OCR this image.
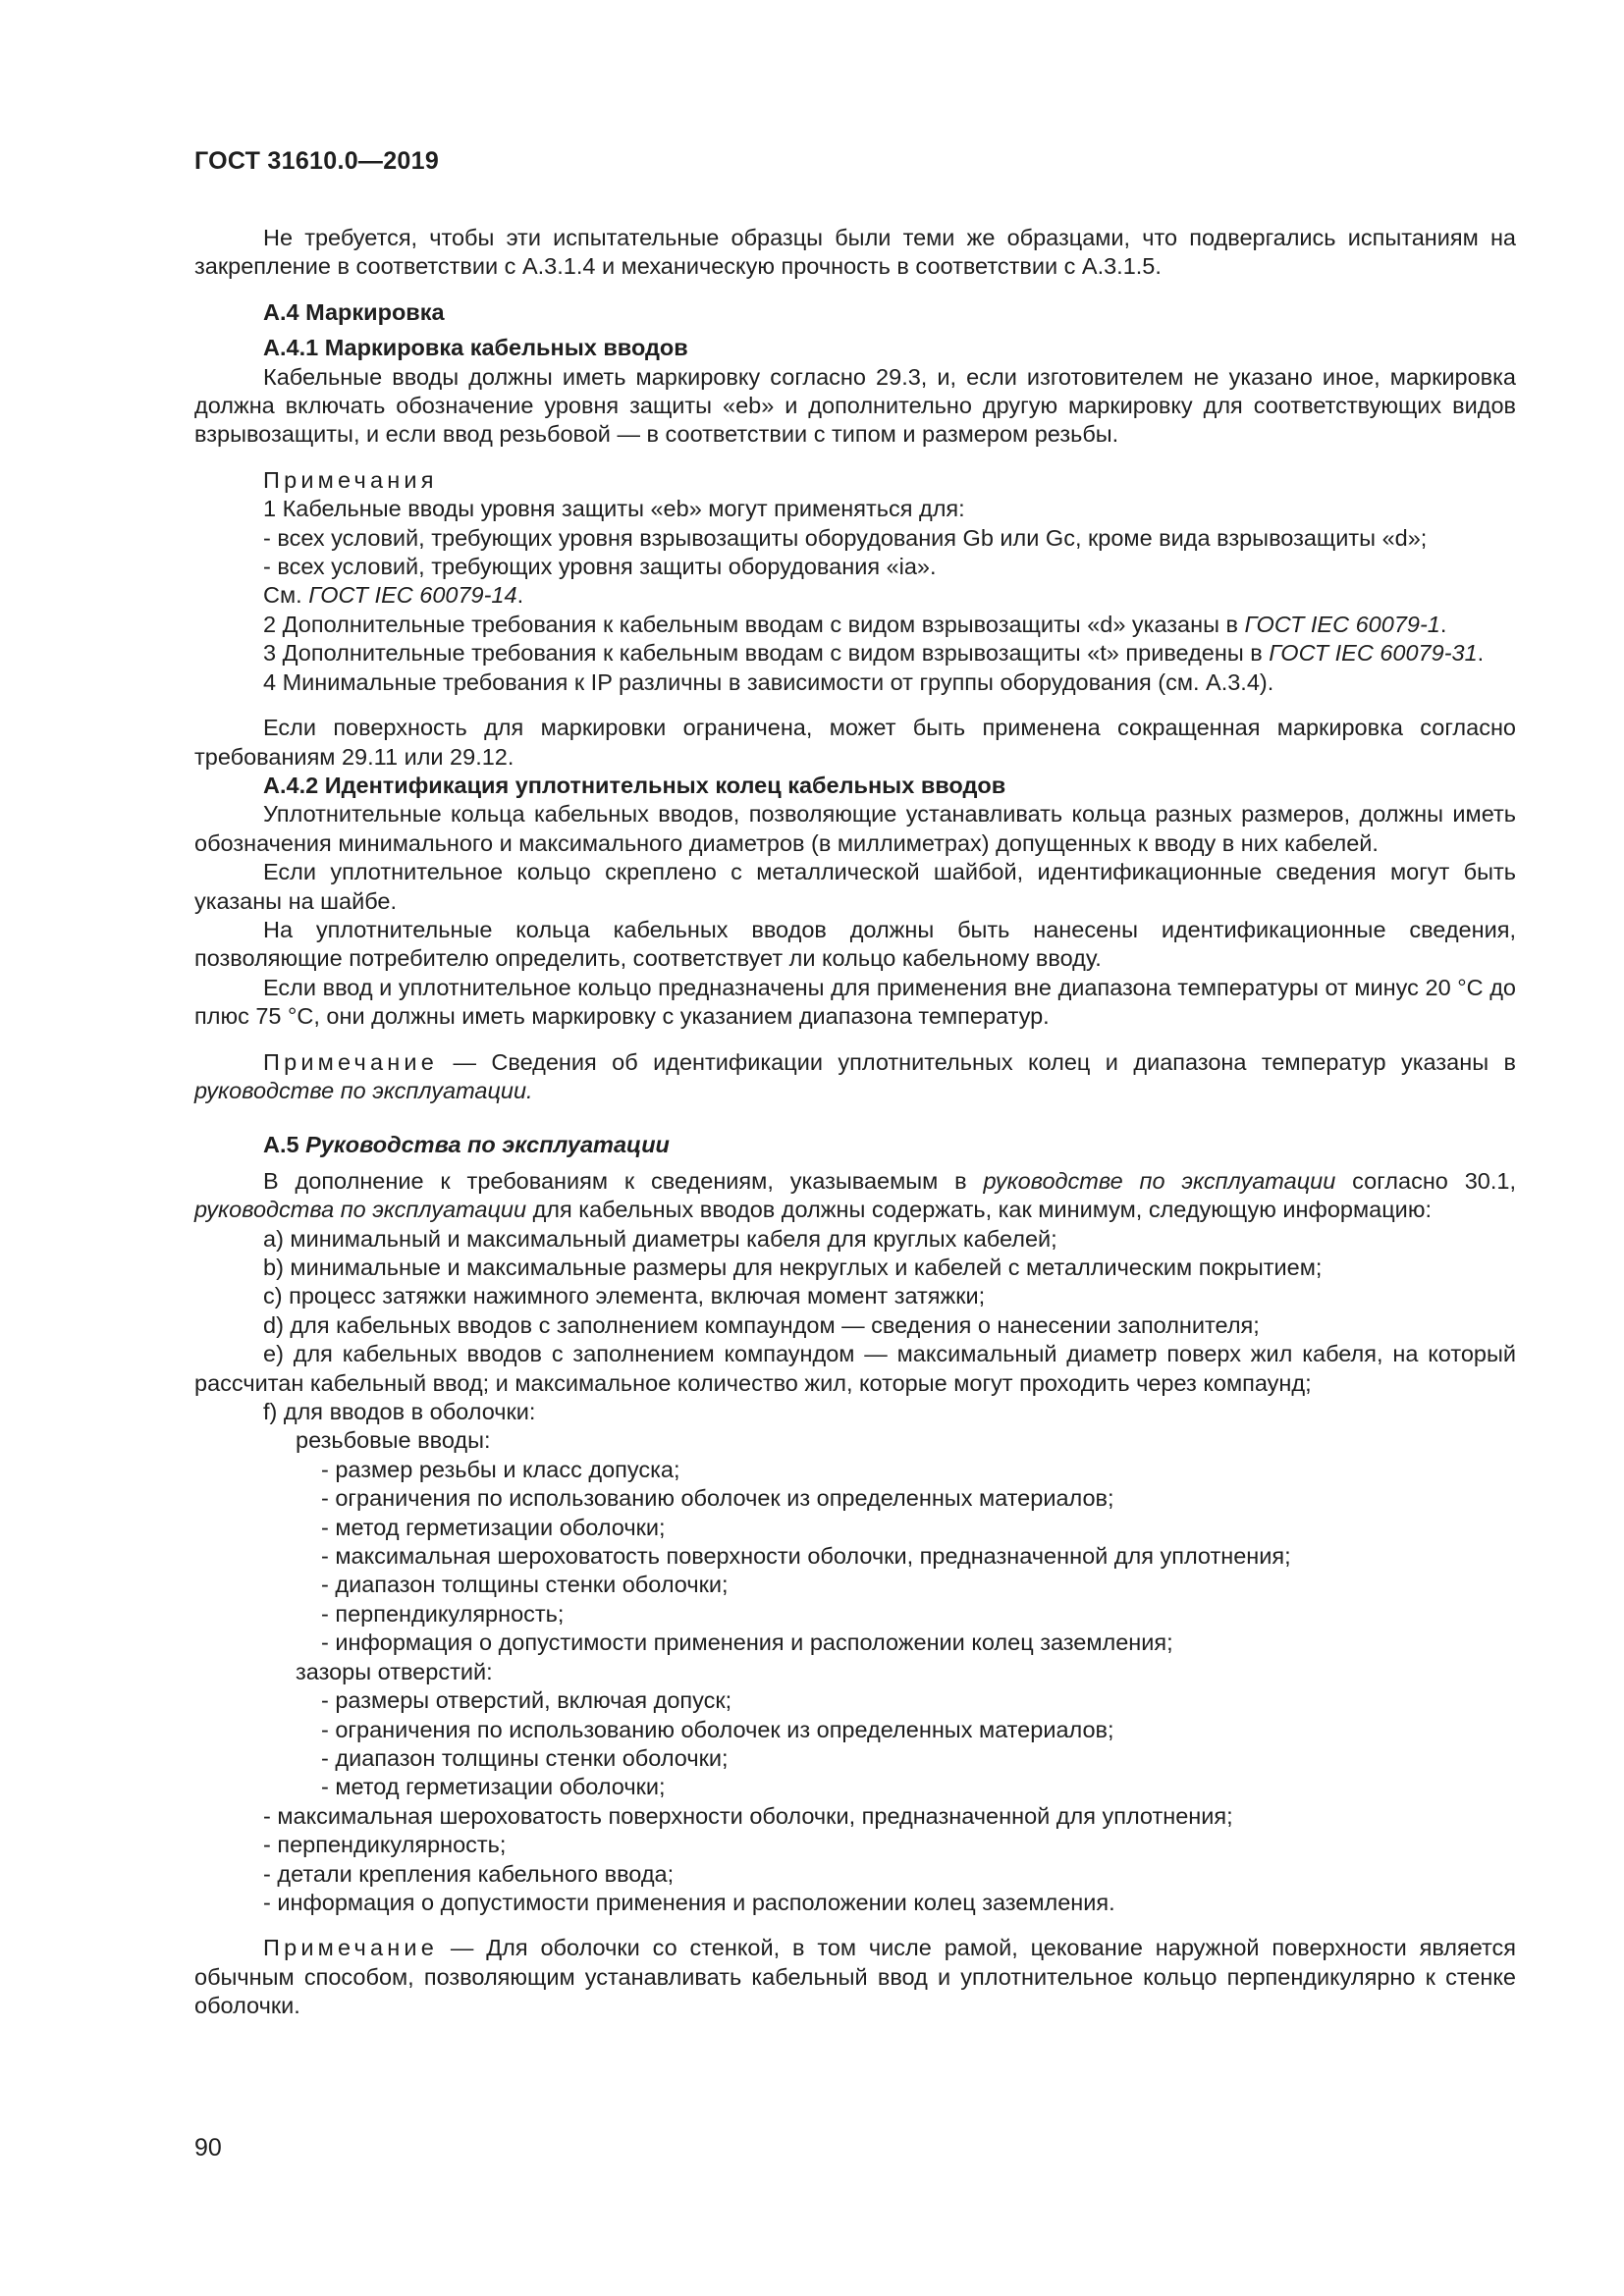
ГОСТ 31610.0—2019

Не требуется, чтобы эти испытательные образцы были теми же образцами, что подвергались испытаниям на закрепление в соответствии с А.3.1.4 и механическую прочность в соответствии с А.3.1.5.

А.4 Маркировка

А.4.1 Маркировка кабельных вводов

Кабельные вводы должны иметь маркировку согласно 29.3, и, если изготовителем не указано иное, маркировка должна включать обозначение уровня защиты «eb» и дополнительно другую маркировку для соответствующих видов взрывозащиты, и если ввод резьбовой — в соответствии с типом и размером резьбы.

Примечания

1 Кабельные вводы уровня защиты «eb» могут применяться для:

- всех условий, требующих уровня взрывозащиты оборудования Gb или Gc, кроме вида взрывозащиты «d»;

- всех условий, требующих уровня защиты оборудования «ia».

См. ГОСТ IEC 60079-14.

2 Дополнительные требования к кабельным вводам с видом взрывозащиты «d» указаны в ГОСТ IEC 60079-1.

3 Дополнительные требования к кабельным вводам с видом взрывозащиты «t» приведены в ГОСТ IEC 60079-31.

4 Минимальные требования к IP различны в зависимости от группы оборудования (см. А.3.4).

Если поверхность для маркировки ограничена, может быть применена сокращенная маркировка согласно требованиям 29.11 или 29.12.

А.4.2 Идентификация уплотнительных колец кабельных вводов

Уплотнительные кольца кабельных вводов, позволяющие устанавливать кольца разных размеров, должны иметь обозначения минимального и максимального диаметров (в миллиметрах) допущенных к вводу в них кабелей.

Если уплотнительное кольцо скреплено с металлической шайбой, идентификационные сведения могут быть указаны на шайбе.

На уплотнительные кольца кабельных вводов должны быть нанесены идентификационные сведения, позволяющие потребителю определить, соответствует ли кольцо кабельному вводу.

Если ввод и уплотнительное кольцо предназначены для применения вне диапазона температуры от минус 20 °С до плюс 75 °С, они должны иметь маркировку с указанием диапазона температур.

Примечание — Сведения об идентификации уплотнительных колец и диапазона температур указаны в руководстве по эксплуатации.

А.5 Руководства по эксплуатации

В дополнение к требованиям к сведениям, указываемым в руководстве по эксплуатации согласно 30.1, руководства по эксплуатации для кабельных вводов должны содержать, как минимум, следующую информацию:

а) минимальный и максимальный диаметры кабеля для круглых кабелей;

b) минимальные и максимальные размеры для некруглых и кабелей с металлическим покрытием;

с) процесс затяжки нажимного элемента, включая момент затяжки;

d) для кабельных вводов с заполнением компаундом — сведения о нанесении заполнителя;

е) для кабельных вводов с заполнением компаундом — максимальный диаметр поверх жил кабеля, на который рассчитан кабельный ввод; и максимальное количество жил, которые могут проходить через компаунд;

f) для вводов в оболочки:

резьбовые вводы:

- размер резьбы и класс допуска;

- ограничения по использованию оболочек из определенных материалов;

- метод герметизации оболочки;

- максимальная шероховатость поверхности оболочки, предназначенной для уплотнения;

- диапазон толщины стенки оболочки;

- перпендикулярность;

- информация о допустимости применения и расположении колец заземления;

зазоры отверстий:

- размеры отверстий, включая допуск;

- ограничения по использованию оболочек из определенных материалов;

- диапазон толщины стенки оболочки;

- метод герметизации оболочки;

- максимальная шероховатость поверхности оболочки, предназначенной для уплотнения;

- перпендикулярность;

- детали крепления кабельного ввода;

- информация о допустимости применения и расположении колец заземления.

Примечание — Для оболочки со стенкой, в том числе рамой, цекование наружной поверхности является обычным способом, позволяющим устанавливать кабельный ввод и уплотнительное кольцо перпендикулярно к стенке оболочки.

90
